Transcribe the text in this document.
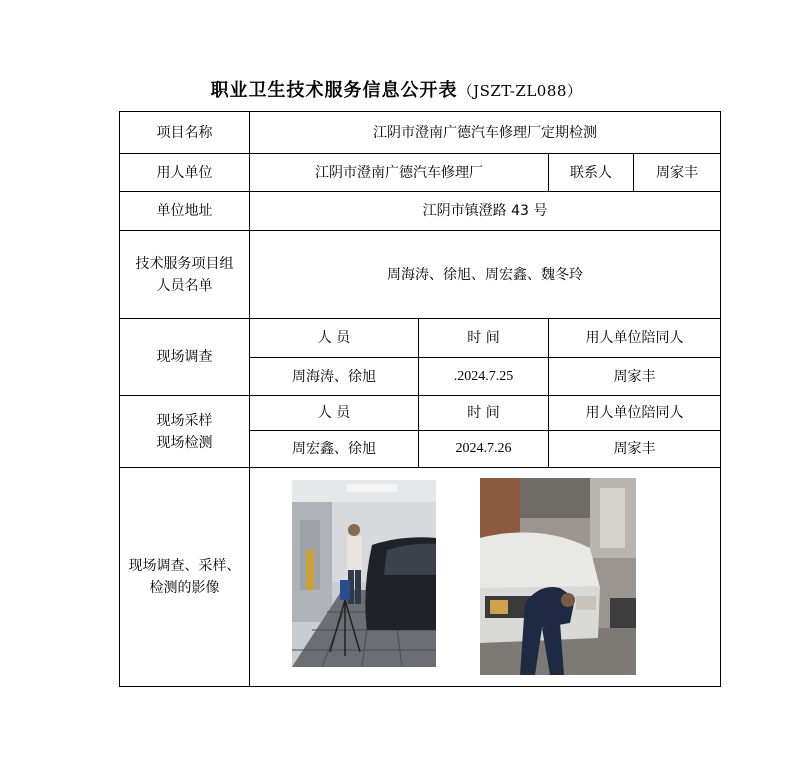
职业卫生技术服务信息公开表（JSZT-ZL088）
项目名称	江阴市澄南广德汽车修理厂定期检测			
用人单位	江阴市澄南广德汽车修理厂		联系人	周家丰
单位地址	江阴市镇澄路 43 号			

技术服务项目组
人员名单	周海涛、徐旭、周宏鑫、魏冬玲			
现场调查	人 员	时 间	用人单位陪同人	
	周海涛、徐旭	.2024.7.25	周家丰	

现场采样
现场检测	人 员	时 间	用人单位陪同人	
	周宏鑫、徐旭	2024.7.26	周家丰	

现场调查、采样、
检测的影像
